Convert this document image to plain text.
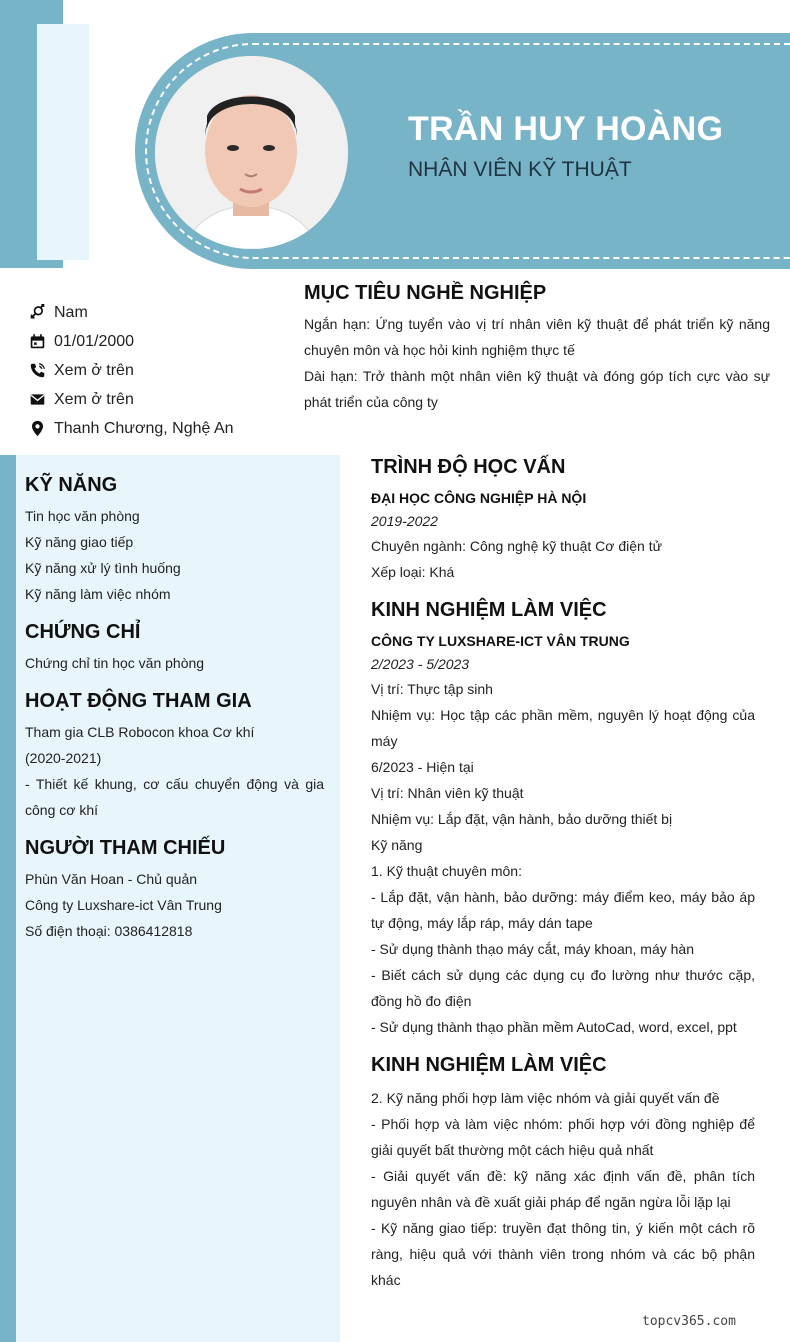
TRẦN HUY HOÀNG
NHÂN VIÊN KỸ THUẬT
Nam
01/01/2000
Xem ở trên
Xem ở trên
Thanh Chương, Nghệ An
MỤC TIÊU NGHỀ NGHIỆP
Ngắn hạn: Ứng tuyển vào vị trí nhân viên kỹ thuật để phát triển kỹ năng chuyên môn và học hỏi kinh nghiệm thực tế
Dài hạn: Trở thành một nhân viên kỹ thuật và đóng góp tích cực vào sự phát triển của công ty
KỸ NĂNG
Tin học văn phòng
Kỹ năng giao tiếp
Kỹ năng xử lý tình huống
Kỹ năng làm việc nhóm
CHỨNG CHỈ
Chứng chỉ tin học văn phòng
HOẠT ĐỘNG THAM GIA
Tham gia CLB Robocon khoa Cơ khí
(2020-2021)
- Thiết kế khung, cơ cấu chuyển động và gia công cơ khí
NGƯỜI THAM CHIẾU
Phùn Văn Hoan - Chủ quản
Công ty Luxshare-ict Vân Trung
Số điện thoại: 0386412818
TRÌNH ĐỘ HỌC VẤN
ĐẠI HỌC CÔNG NGHIỆP HÀ NỘI
2019-2022
Chuyên ngành: Công nghệ kỹ thuật Cơ điện tử
Xếp loại: Khá
KINH NGHIỆM LÀM VIỆC
CÔNG TY LUXSHARE-ICT VÂN TRUNG
2/2023 - 5/2023
Vị trí: Thực tập sinh
Nhiệm vụ: Học tập các phần mềm, nguyên lý hoạt động của máy
6/2023 - Hiện tại
Vị trí: Nhân viên kỹ thuật
Nhiệm vụ: Lắp đặt, vận hành, bảo dưỡng thiết bị
Kỹ năng
1. Kỹ thuật chuyên môn:
- Lắp đặt, vận hành, bảo dưỡng: máy điểm keo, máy bảo áp tự động, máy lắp ráp, máy dán tape
- Sử dụng thành thạo máy cắt, máy khoan, máy hàn
- Biết cách sử dụng các dụng cụ đo lường như thước cặp, đồng hồ đo điện
- Sử dụng thành thạo phần mềm AutoCad, word, excel, ppt
KINH NGHIỆM LÀM VIỆC
2. Kỹ năng phối hợp làm việc nhóm và giải quyết vấn đề
- Phối hợp và làm việc nhóm: phối hợp với đồng nghiệp để giải quyết bất thường một cách hiệu quả nhất
- Giải quyết vấn đề: kỹ năng xác định vấn đề, phân tích nguyên nhân và đề xuất giải pháp để ngăn ngừa lỗi lặp lại
- Kỹ năng giao tiếp: truyền đạt thông tin, ý kiến một cách rõ ràng, hiệu quả với thành viên trong nhóm và các bộ phận khác
topcv365.com
